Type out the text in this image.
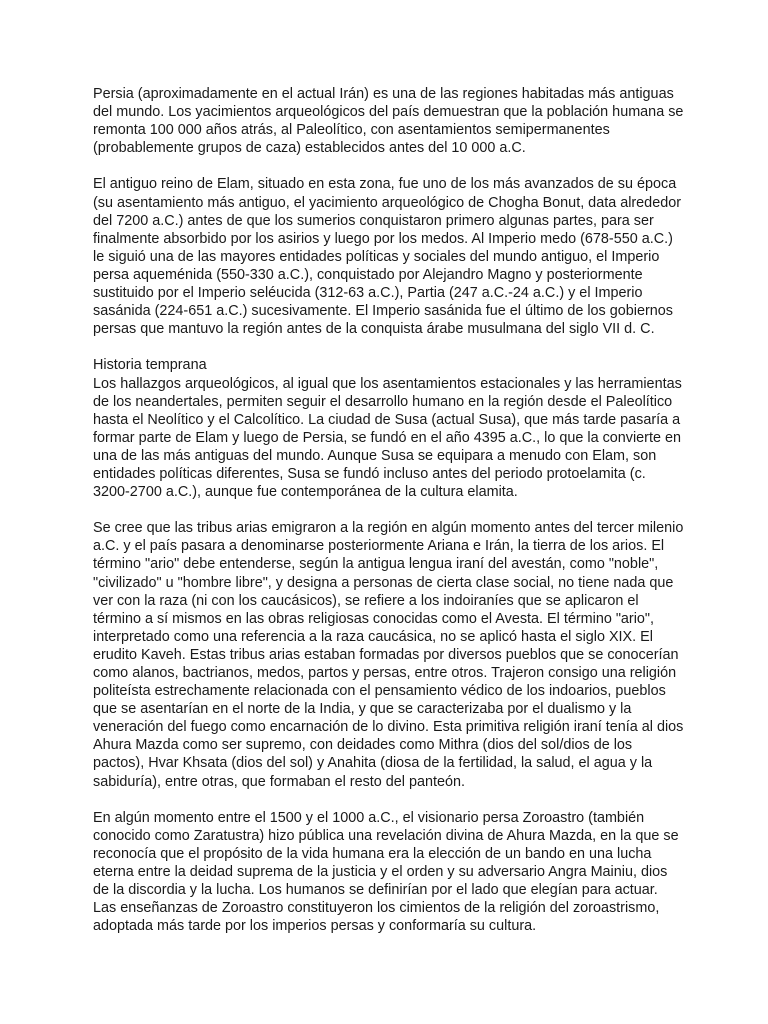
Persia (aproximadamente en el actual Irán) es una de las regiones habitadas más antiguas
del mundo. Los yacimientos arqueológicos del país demuestran que la población humana se
remonta 100 000 años atrás, al Paleolítico, con asentamientos semipermanentes
(probablemente grupos de caza) establecidos antes del 10 000 a.C.

El antiguo reino de Elam, situado en esta zona, fue uno de los más avanzados de su época
(su asentamiento más antiguo, el yacimiento arqueológico de Chogha Bonut, data alrededor
del 7200 a.C.) antes de que los sumerios conquistaron primero algunas partes, para ser
finalmente absorbido por los asirios y luego por los medos. Al Imperio medo (678-550 a.C.)
le siguió una de las mayores entidades políticas y sociales del mundo antiguo, el Imperio
persa aqueménida (550-330 a.C.), conquistado por Alejandro Magno y posteriormente
sustituido por el Imperio seléucida (312-63 a.C.), Partia (247 a.C.-24 a.C.) y el Imperio
sasánida (224-651 a.C.) sucesivamente. El Imperio sasánida fue el último de los gobiernos
persas que mantuvo la región antes de la conquista árabe musulmana del siglo VII d. C.

Historia temprana

Los hallazgos arqueológicos, al igual que los asentamientos estacionales y las herramientas
de los neandertales, permiten seguir el desarrollo humano en la región desde el Paleolítico
hasta el Neolítico y el Calcolítico. La ciudad de Susa (actual Susa), que más tarde pasaría a
formar parte de Elam y luego de Persia, se fundó en el año 4395 a.C., lo que la convierte en
una de las más antiguas del mundo. Aunque Susa se equipara a menudo con Elam, son
entidades políticas diferentes, Susa se fundó incluso antes del periodo protoelamita (c.
3200-2700 a.C.), aunque fue contemporánea de la cultura elamita.

Se cree que las tribus arias emigraron a la región en algún momento antes del tercer milenio
a.C. y el país pasara a denominarse posteriormente Ariana e Irán, la tierra de los arios. El
término "ario" debe entenderse, según la antigua lengua iraní del avestán, como "noble",
"civilizado" u "hombre libre", y designa a personas de cierta clase social, no tiene nada que
ver con la raza (ni con los caucásicos), se refiere a los indoiraníes que se aplicaron el
término a sí mismos en las obras religiosas conocidas como el Avesta. El término "ario",
interpretado como una referencia a la raza caucásica, no se aplicó hasta el siglo XIX. El
erudito Kaveh. Estas tribus arias estaban formadas por diversos pueblos que se conocerían
como alanos, bactrianos, medos, partos y persas, entre otros. Trajeron consigo una religión
politeísta estrechamente relacionada con el pensamiento védico de los indoarios, pueblos
que se asentarían en el norte de la India, y que se caracterizaba por el dualismo y la
veneración del fuego como encarnación de lo divino. Esta primitiva religión iraní tenía al dios
Ahura Mazda como ser supremo, con deidades como Mithra (dios del sol/dios de los
pactos), Hvar Khsata (dios del sol) y Anahita (diosa de la fertilidad, la salud, el agua y la
sabiduría), entre otras, que formaban el resto del panteón.

En algún momento entre el 1500 y el 1000 a.C., el visionario persa Zoroastro (también
conocido como Zaratustra) hizo pública una revelación divina de Ahura Mazda, en la que se
reconocía que el propósito de la vida humana era la elección de un bando en una lucha
eterna entre la deidad suprema de la justicia y el orden y su adversario Angra Mainiu, dios
de la discordia y la lucha. Los humanos se definirían por el lado que elegían para actuar.
Las enseñanzas de Zoroastro constituyeron los cimientos de la religión del zoroastrismo,
adoptada más tarde por los imperios persas y conformaría su cultura.
